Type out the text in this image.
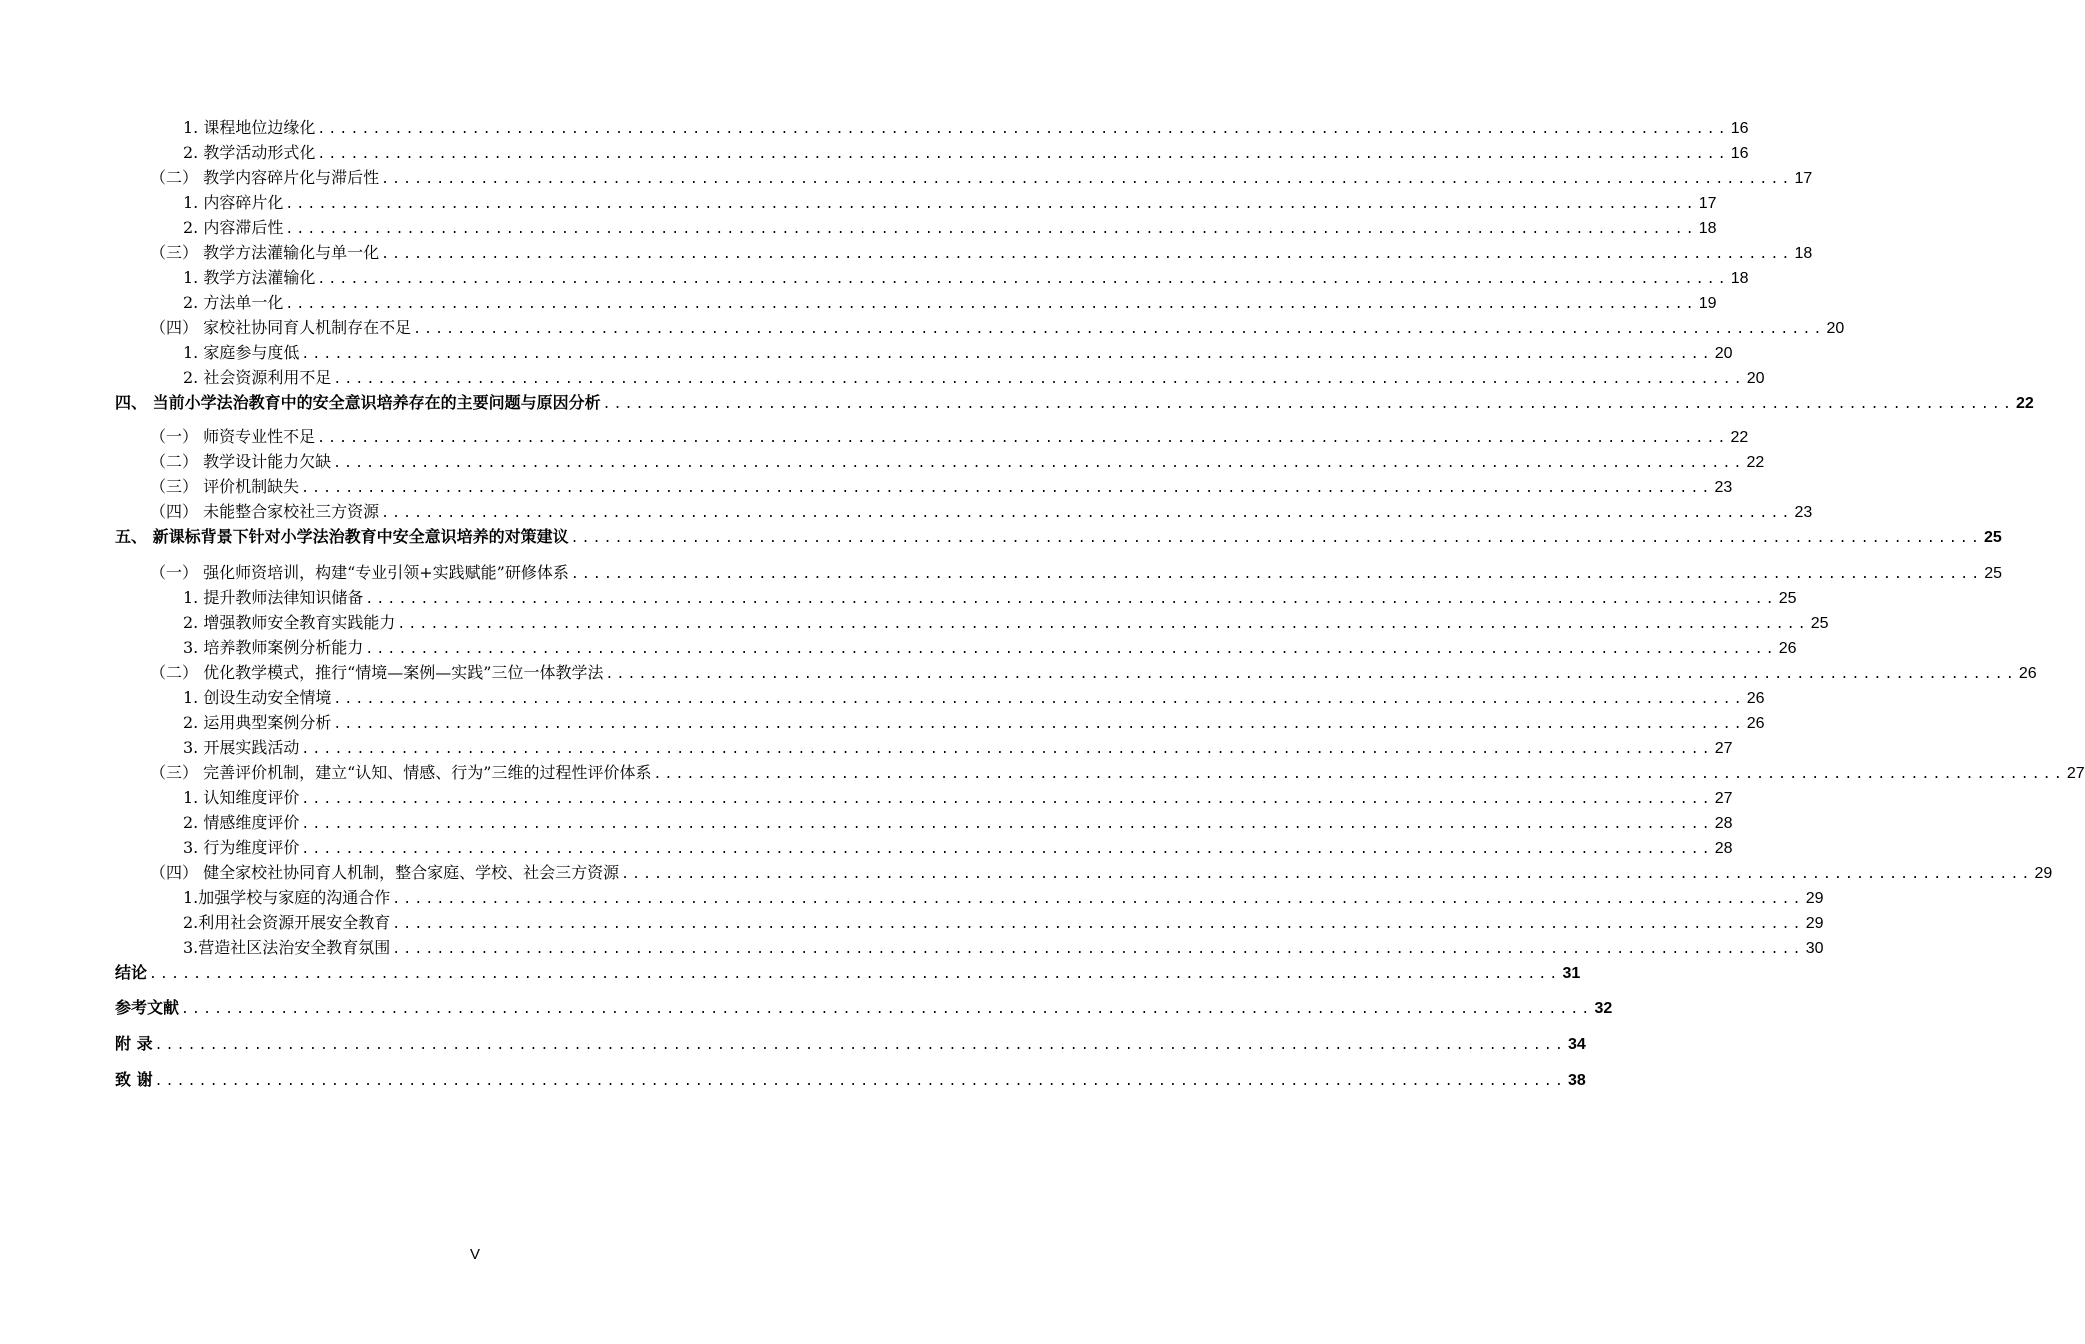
1. 课程地位边缘化 ................................................................................................................................ 16
2. 教学活动形式化 ................................................................................................................................ 16
（二） 教学内容碎片化与滞后性 ................................................................................................................................ 17
1. 内容碎片化 ................................................................................................................................ 17
2. 内容滞后性 ................................................................................................................................ 18
（三） 教学方法灌输化与单一化 ................................................................................................................................ 18
1. 教学方法灌输化 ................................................................................................................................ 18
2. 方法单一化 ................................................................................................................................ 19
（四） 家校社协同育人机制存在不足 ................................................................................................................................ 20
1. 家庭参与度低 ................................................................................................................................ 20
2. 社会资源利用不足 ................................................................................................................................ 20
四、 当前小学法治教育中的安全意识培养存在的主要问题与原因分析 ................................................................................................................................ 22
（一） 师资专业性不足 ................................................................................................................................ 22
（二） 教学设计能力欠缺 ................................................................................................................................ 22
（三） 评价机制缺失 ................................................................................................................................ 23
（四） 未能整合家校社三方资源 ................................................................................................................................ 23
五、 新课标背景下针对小学法治教育中安全意识培养的对策建议 ................................................................................................................................ 25
（一） 强化师资培训，构建“专业引领+实践赋能”研修体系 ................................................................................................................................ 25
1. 提升教师法律知识储备 ................................................................................................................................ 25
2. 增强教师安全教育实践能力 ................................................................................................................................ 25
3. 培养教师案例分析能力 ................................................................................................................................ 26
（二） 优化教学模式，推行“情境—案例—实践”三位一体教学法 ................................................................................................................................ 26
1. 创设生动安全情境 ................................................................................................................................ 26
2. 运用典型案例分析 ................................................................................................................................ 26
3. 开展实践活动 ................................................................................................................................ 27
（三） 完善评价机制，建立“认知、情感、行为”三维的过程性评价体系 ................................................................................................................................ 27
1. 认知维度评价 ................................................................................................................................ 27
2. 情感维度评价 ................................................................................................................................ 28
3. 行为维度评价 ................................................................................................................................ 28
（四） 健全家校社协同育人机制，整合家庭、学校、社会三方资源 ................................................................................................................................ 29
1.加强学校与家庭的沟通合作 ................................................................................................................................ 29
2.利用社会资源开展安全教育 ................................................................................................................................ 29
3.营造社区法治安全教育氛围 ................................................................................................................................ 30
结论 ................................................................................................................................ 31
参考文献 ................................................................................................................................ 32
附 录 ................................................................................................................................ 34
致 谢 ................................................................................................................................ 38
V
